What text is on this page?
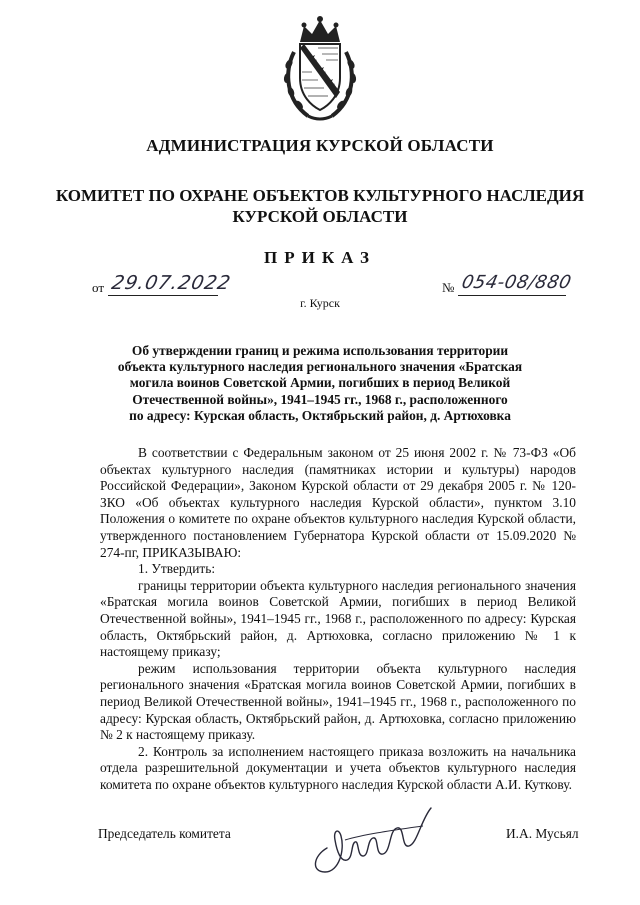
АДМИНИСТРАЦИЯ КУРСКОЙ ОБЛАСТИ
КОМИТЕТ ПО ОХРАНЕ ОБЪЕКТОВ КУЛЬТУРНОГО НАСЛЕДИЯ
КУРСКОЙ ОБЛАСТИ
ПРИКАЗ
от 29.07.2022	№ 054-08/880
г. Курск
Об утверждении границ и режима использования территории
объекта культурного наследия регионального значения «Братская
могила воинов Советской Армии, погибших в период Великой
Отечественной войны», 1941–1945 гг., 1968 г., расположенного
по адресу: Курская область, Октябрьский район, д. Артюховка

В соответствии с Федеральным законом от 25 июня 2002 г. № 73-ФЗ «Об объектах культурного наследия (памятниках истории и культуры) народов Российской Федерации», Законом Курской области от 29 декабря 2005 г. № 120-ЗКО «Об объектах культурного наследия Курской области», пунктом 3.10 Положения о комитете по охране объектов культурного наследия Курской области, утвержденного постановлением Губернатора Курской области от 15.09.2020 № 274-пг, ПРИКАЗЫВАЮ:

1. Утвердить:

границы территории объекта культурного наследия регионального значения «Братская могила воинов Советской Армии, погибших в период Великой Отечественной войны», 1941–1945 гг., 1968 г., расположенного по адресу: Курская область, Октябрьский район, д. Артюховка, согласно приложению № 1 к настоящему приказу;

режим использования территории объекта культурного наследия регионального значения «Братская могила воинов Советской Армии, погибших в период Великой Отечественной войны», 1941–1945 гг., 1968 г., расположенного по адресу: Курская область, Октябрьский район, д. Артюховка, согласно приложению № 2 к настоящему приказу.

2. Контроль за исполнением настоящего приказа возложить на начальника отдела разрешительной документации и учета объектов культурного наследия комитета по охране объектов культурного наследия Курской области А.И. Куткову.

Председатель комитета	И.А. Мусьял
